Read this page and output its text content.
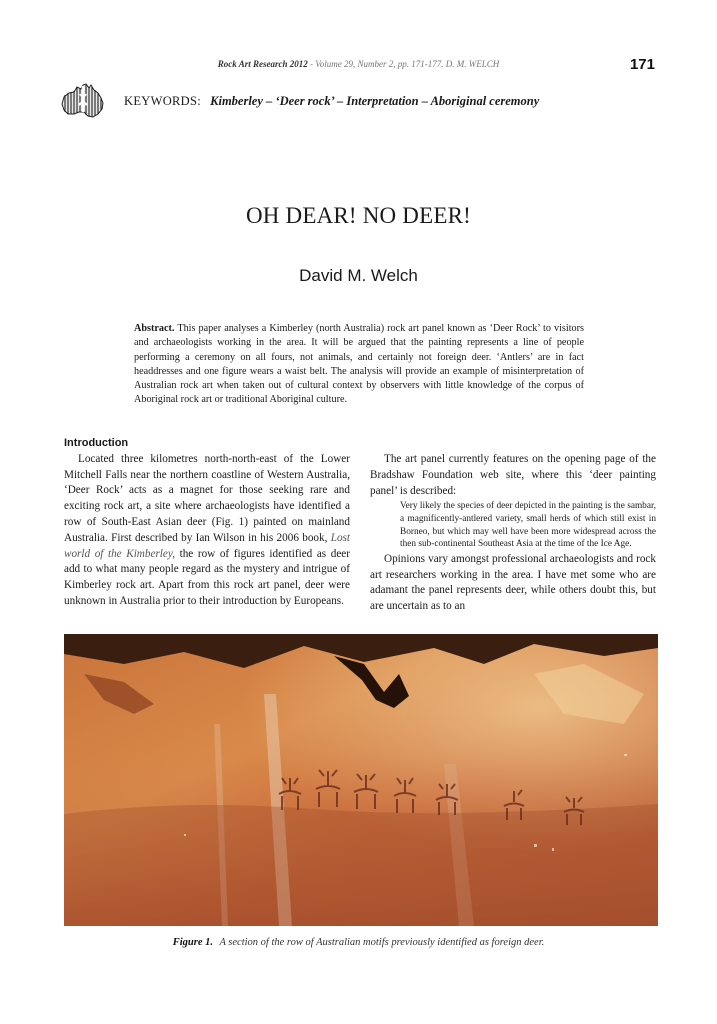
Rock Art Research 2012 - Volume 29, Number 2, pp. 171-177. D. M. WELCH	171
KEYWORDS: Kimberley – ‘Deer rock’ – Interpretation – Aboriginal ceremony
OH DEAR! NO DEER!
David M. Welch

Abstract. This paper analyses a Kimberley (north Australia) rock art panel known as ‘Deer Rock’ to visitors and archaeologists working in the area. It will be argued that the painting represents a line of people performing a ceremony on all fours, not animals, and certainly not foreign deer. ‘Antlers’ are in fact headdresses and one figure wears a waist belt. The analysis will provide an example of misinterpretation of Australian rock art when taken out of cultural context by observers with little knowledge of the corpus of Aboriginal rock art or traditional Aboriginal culture.

Introduction

Located three kilometres north-north-east of the Lower Mitchell Falls near the northern coastline of Western Australia, ‘Deer Rock’ acts as a magnet for those seeking rare and exciting rock art, a site where archaeologists have identified a row of South-East Asian deer (Fig. 1) painted on mainland Australia. First described by Ian Wilson in his 2006 book, Lost world of the Kimberley, the row of figures identified as deer add to what many people regard as the mystery and intrigue of Kimberley rock art. Apart from this rock art panel, deer were unknown in Australia prior to their introduction by Europeans.

The art panel currently features on the opening page of the Bradshaw Foundation web site, where this ‘deer painting panel’ is described:

Very likely the species of deer depicted in the painting is the sambar, a magnificently-antlered variety, small herds of which still exist in Borneo, but which may well have been more widespread across the then sub-continental Southeast Asia at the time of the Ice Age.

Opinions vary amongst professional archaeologists and rock art researchers working in the area. I have met some who are adamant the panel represents deer, while others doubt this, but are uncertain as to an

Figure 1. A section of the row of Australian motifs previously identified as foreign deer.
